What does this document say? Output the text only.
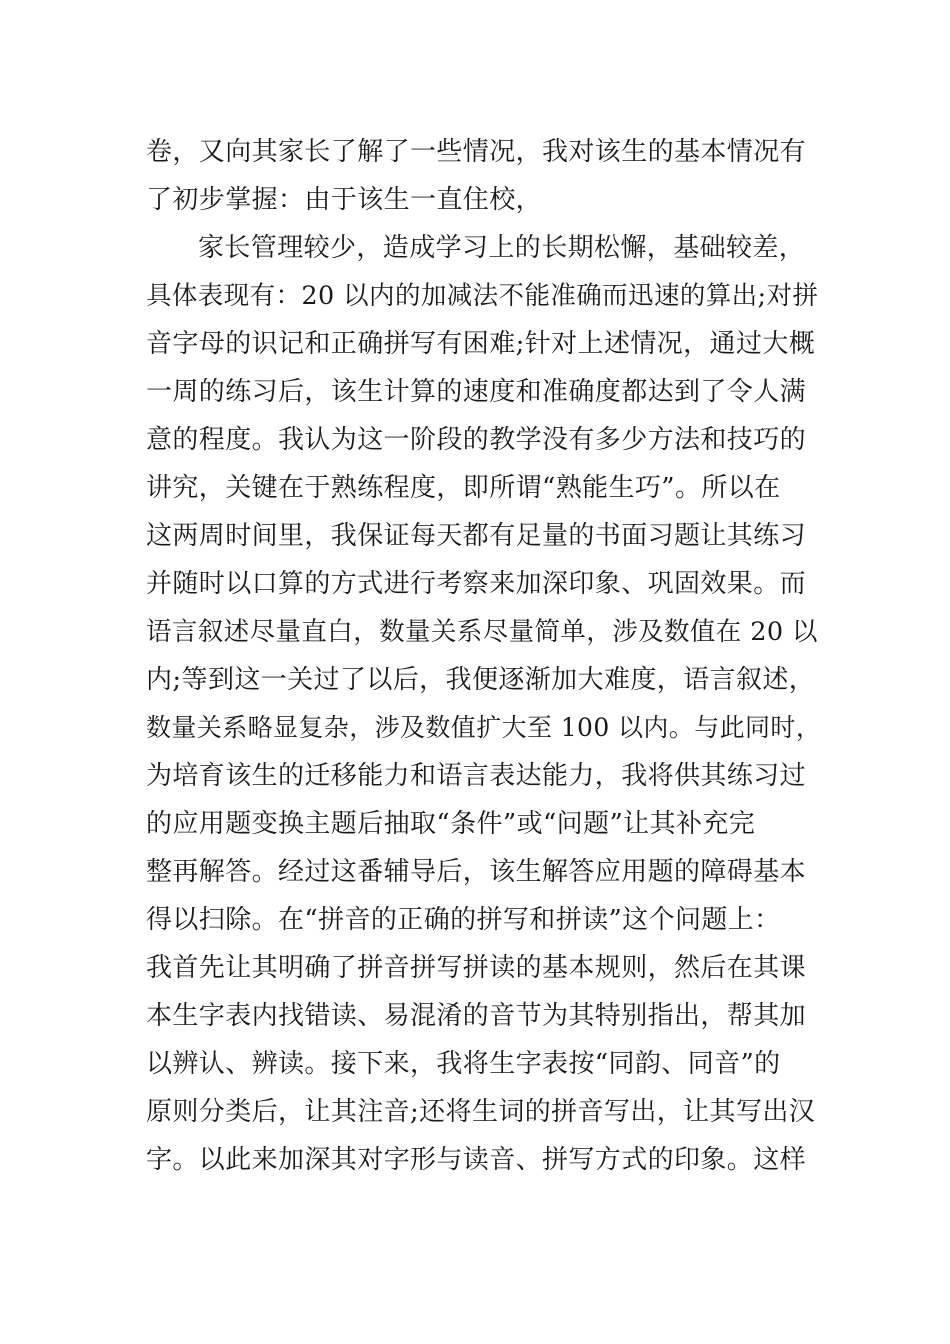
卷，又向其家长了解了一些情况，我对该生的基本情况有
了初步掌握：由于该生一直住校，
家长管理较少，造成学习上的长期松懈，基础较差，
具体表现有：20 以内的加减法不能准确而迅速的算出;对拼
音字母的识记和正确拼写有困难;针对上述情况，通过大概
一周的练习后，该生计算的速度和准确度都达到了令人满
意的程度。我认为这一阶段的教学没有多少方法和技巧的
讲究，关键在于熟练程度，即所谓“熟能生巧”。所以在
这两周时间里，我保证每天都有足量的书面习题让其练习
并随时以口算的方式进行考察来加深印象、巩固效果。而
语言叙述尽量直白，数量关系尽量简单，涉及数值在 20 以
内;等到这一关过了以后，我便逐渐加大难度，语言叙述，
数量关系略显复杂，涉及数值扩大至 100 以内。与此同时，
为培育该生的迁移能力和语言表达能力，我将供其练习过
的应用题变换主题后抽取“条件”或“问题”让其补充完
整再解答。经过这番辅导后，该生解答应用题的障碍基本
得以扫除。在“拼音的正确的拼写和拼读”这个问题上：
我首先让其明确了拼音拼写拼读的基本规则，然后在其课
本生字表内找错读、易混淆的音节为其特别指出，帮其加
以辨认、辨读。接下来，我将生字表按“同韵、同音”的
原则分类后，让其注音;还将生词的拼音写出，让其写出汉
字。以此来加深其对字形与读音、拼写方式的印象。这样
